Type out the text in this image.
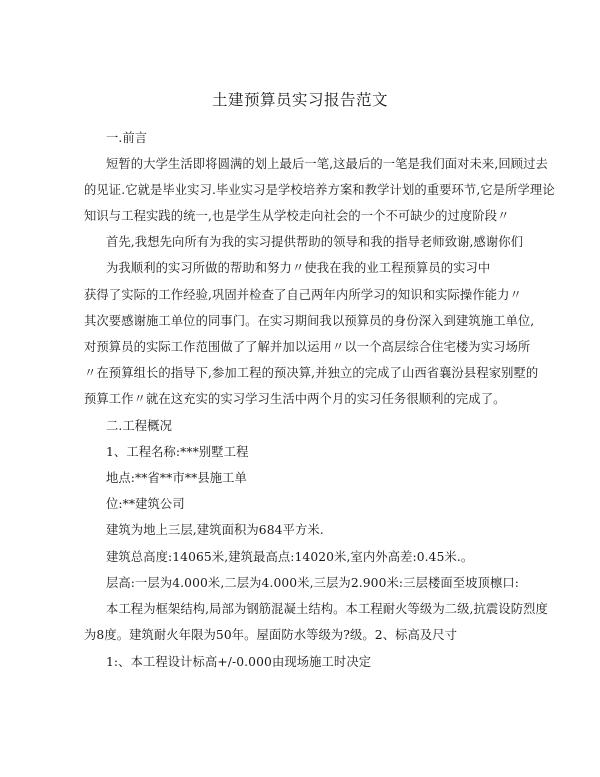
土建预算员实习报告范文
一.前言
短暂的大学生活即将圆满的划上最后一笔,这最后的一笔是我们面对未来,回顾过去
的见证.它就是毕业实习.毕业实习是学校培养方案和教学计划的重要环节,它是所学理论
知识与工程实践的统一,也是学生从学校走向社会的一个不可缺少的过度阶段〃
首先,我想先向所有为我的实习提供帮助的领导和我的指导老师致谢,感谢你们
为我顺利的实习所做的帮助和努力〃使我在我的业工程预算员的实习中
获得了实际的工作经验,巩固并检查了自己两年内所学习的知识和实际操作能力〃
其次要感谢施工单位的同事门。在实习期间我以预算员的身份深入到建筑施工单位,
对预算员的实际工作范围做了了解并加以运用〃以一个高层综合住宅楼为实习场所
〃在预算组长的指导下,参加工程的预决算,并独立的完成了山西省襄汾县程家别墅的
预算工作〃就在这充实的实习学习生活中两个月的实习任务很顺利的完成了。
二.工程概况
1、工程名称:***别墅工程
地点:**省**市**县施工单
位:**建筑公司
建筑为地上三层,建筑面积为684平方米.
建筑总高度:14065米,建筑最高点:14020米,室内外高差:0.45米.。
层高:一层为4.000米,二层为4.000米,三层为2.900米:三层楼面至坡顶檩口:
本工程为框架结构,局部为钢筋混凝土结构。本工程耐火等级为二级,抗震设防烈度
为8度。建筑耐火年限为50年。屋面防水等级为?级。2、标高及尺寸
1:、本工程设计标高+/-0.000由现场施工时决定
